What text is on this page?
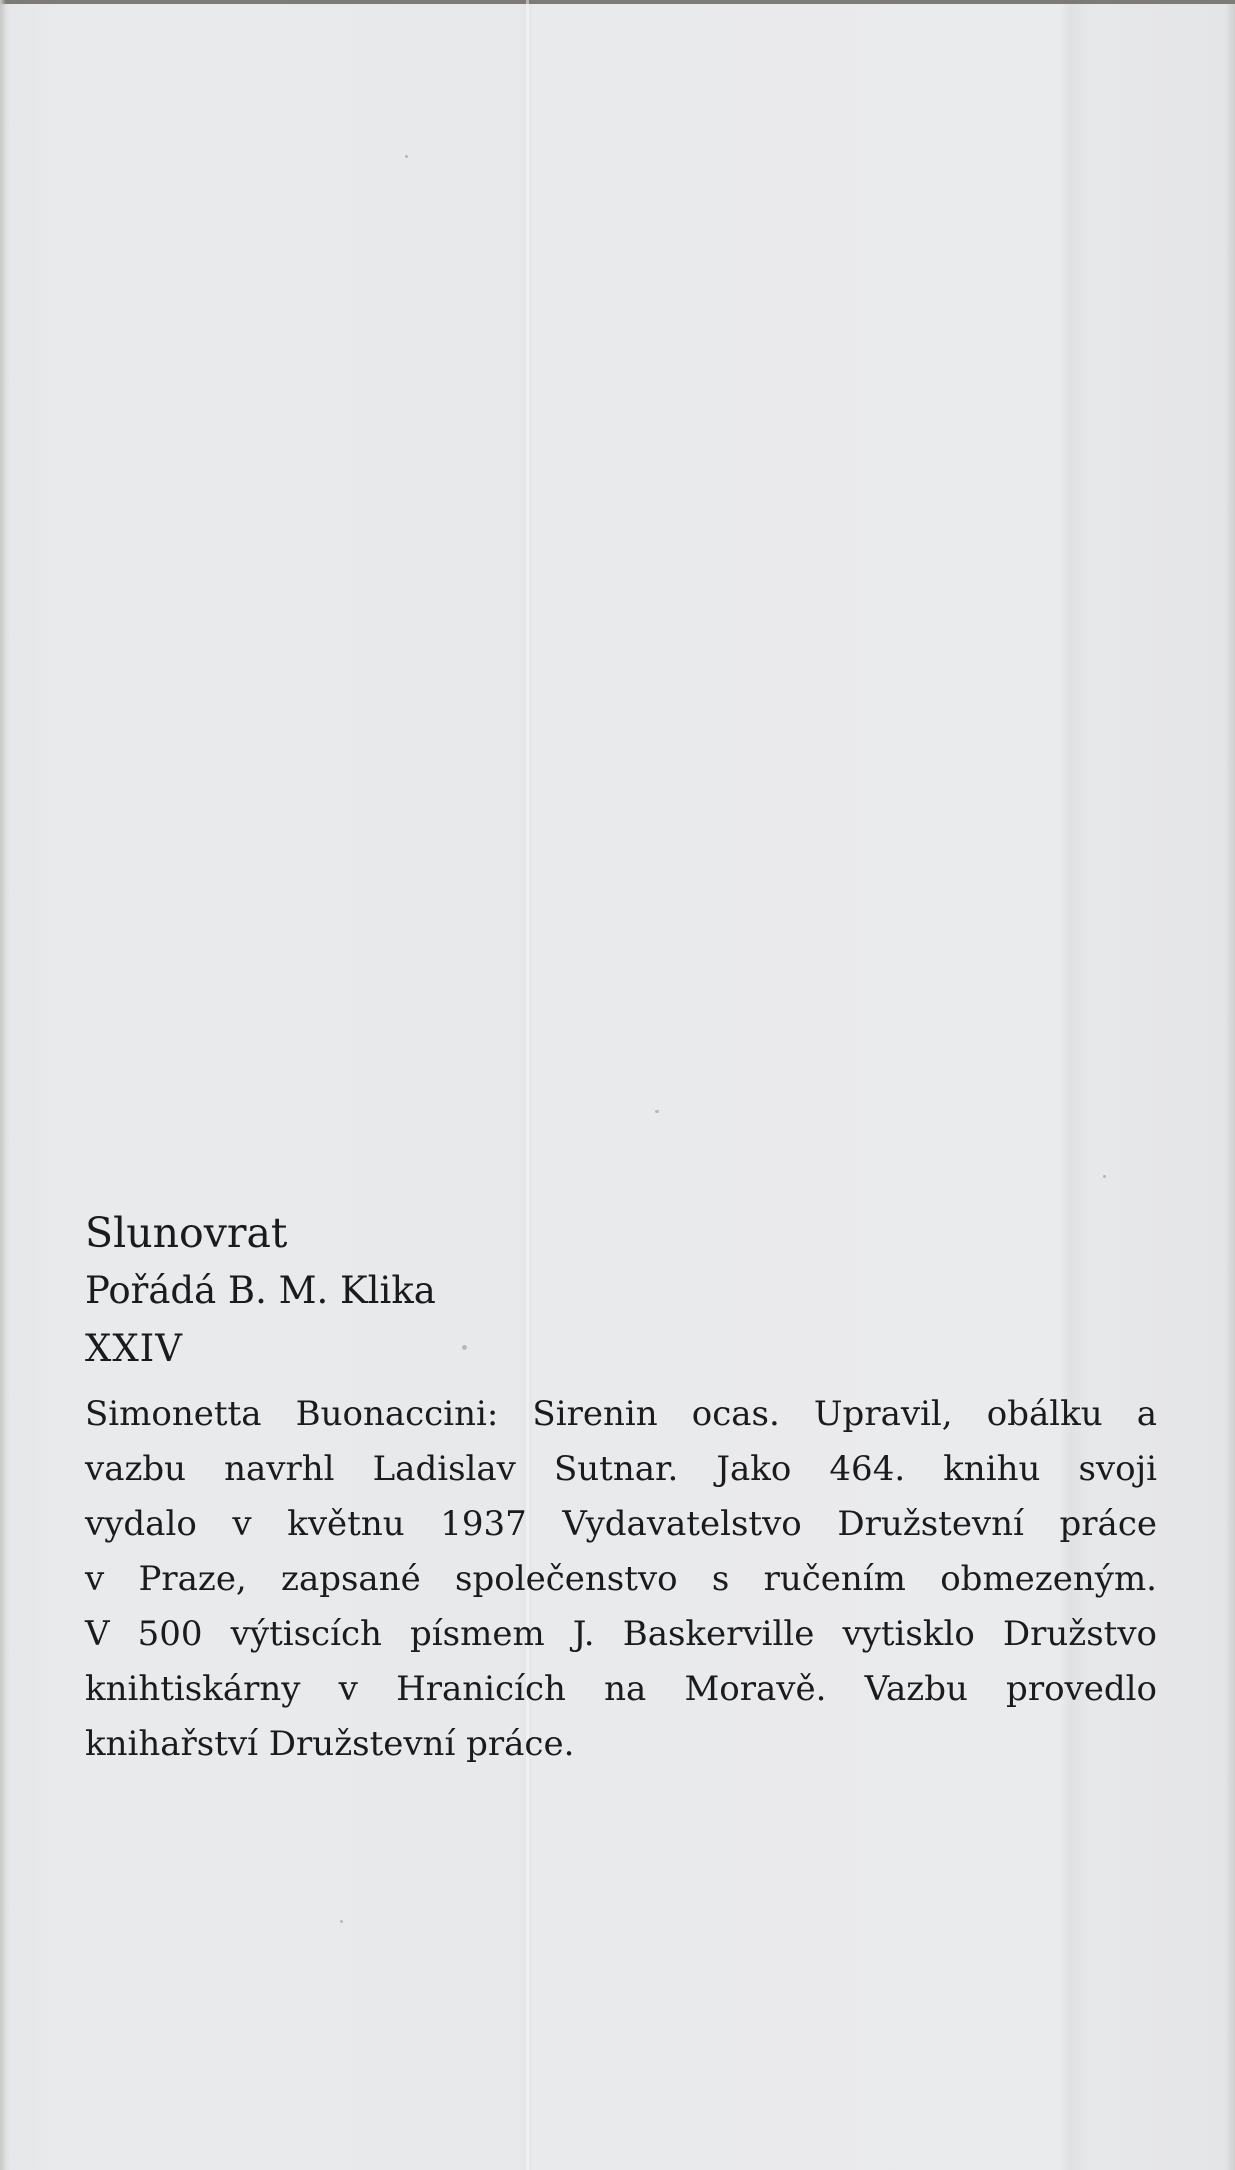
Slunovrat

Pořádá B. M. Klika

XXIV

Simonetta Buonaccini: Sirenin ocas. Upravil, obálku a
vazbu navrhl Ladislav Sutnar. Jako 464. knihu svoji
vydalo v květnu 1937 Vydavatelstvo Družstevní práce
v Praze, zapsané společenstvo s ručením obmezeným.
V 500 výtiscích písmem J. Baskerville vytisklo Družstvo
knihtiskárny v Hranicích na Moravě. Vazbu provedlo
knihařství Družstevní práce.
